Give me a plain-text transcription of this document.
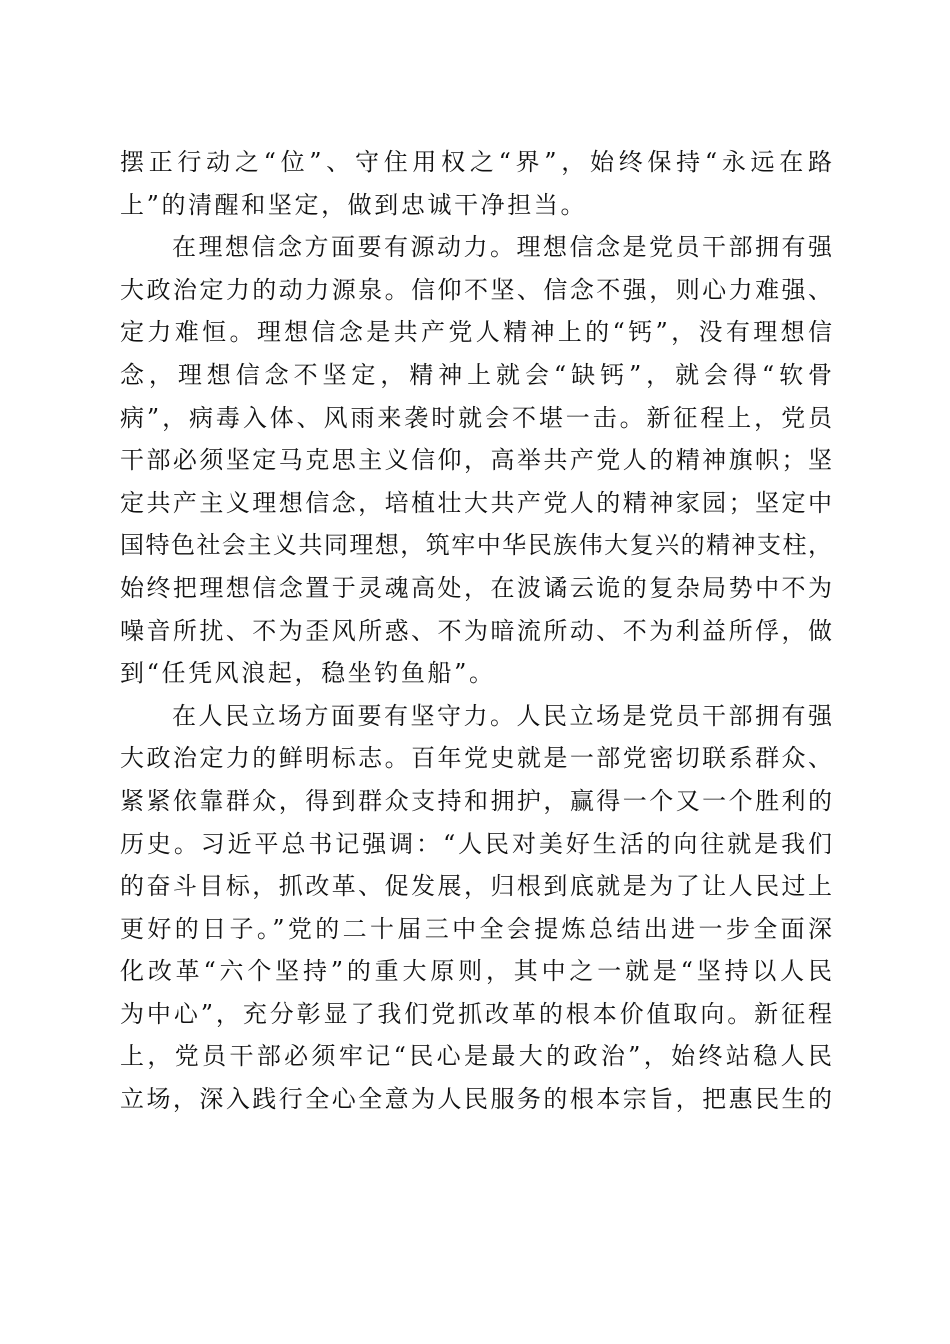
摆正行动之“位”、守住用权之“界”，始终保持“永远在路
上”的清醒和坚定，做到忠诚干净担当。
在理想信念方面要有源动力。理想信念是党员干部拥有强
大政治定力的动力源泉。信仰不坚、信念不强，则心力难强、
定力难恒。理想信念是共产党人精神上的“钙”，没有理想信
念，理想信念不坚定，精神上就会“缺钙”，就会得“软骨
病”，病毒入体、风雨来袭时就会不堪一击。新征程上，党员
干部必须坚定马克思主义信仰，高举共产党人的精神旗帜；坚
定共产主义理想信念，培植壮大共产党人的精神家园；坚定中
国特色社会主义共同理想，筑牢中华民族伟大复兴的精神支柱，
始终把理想信念置于灵魂高处，在波谲云诡的复杂局势中不为
噪音所扰、不为歪风所惑、不为暗流所动、不为利益所俘，做
到“任凭风浪起，稳坐钓鱼船”。
在人民立场方面要有坚守力。人民立场是党员干部拥有强
大政治定力的鲜明标志。百年党史就是一部党密切联系群众、
紧紧依靠群众，得到群众支持和拥护，赢得一个又一个胜利的
历史。习近平总书记强调：“人民对美好生活的向往就是我们
的奋斗目标，抓改革、促发展，归根到底就是为了让人民过上
更好的日子。”党的二十届三中全会提炼总结出进一步全面深
化改革“六个坚持”的重大原则，其中之一就是“坚持以人民
为中心”，充分彰显了我们党抓改革的根本价值取向。新征程
上，党员干部必须牢记“民心是最大的政治”，始终站稳人民
立场，深入践行全心全意为人民服务的根本宗旨，把惠民生的
